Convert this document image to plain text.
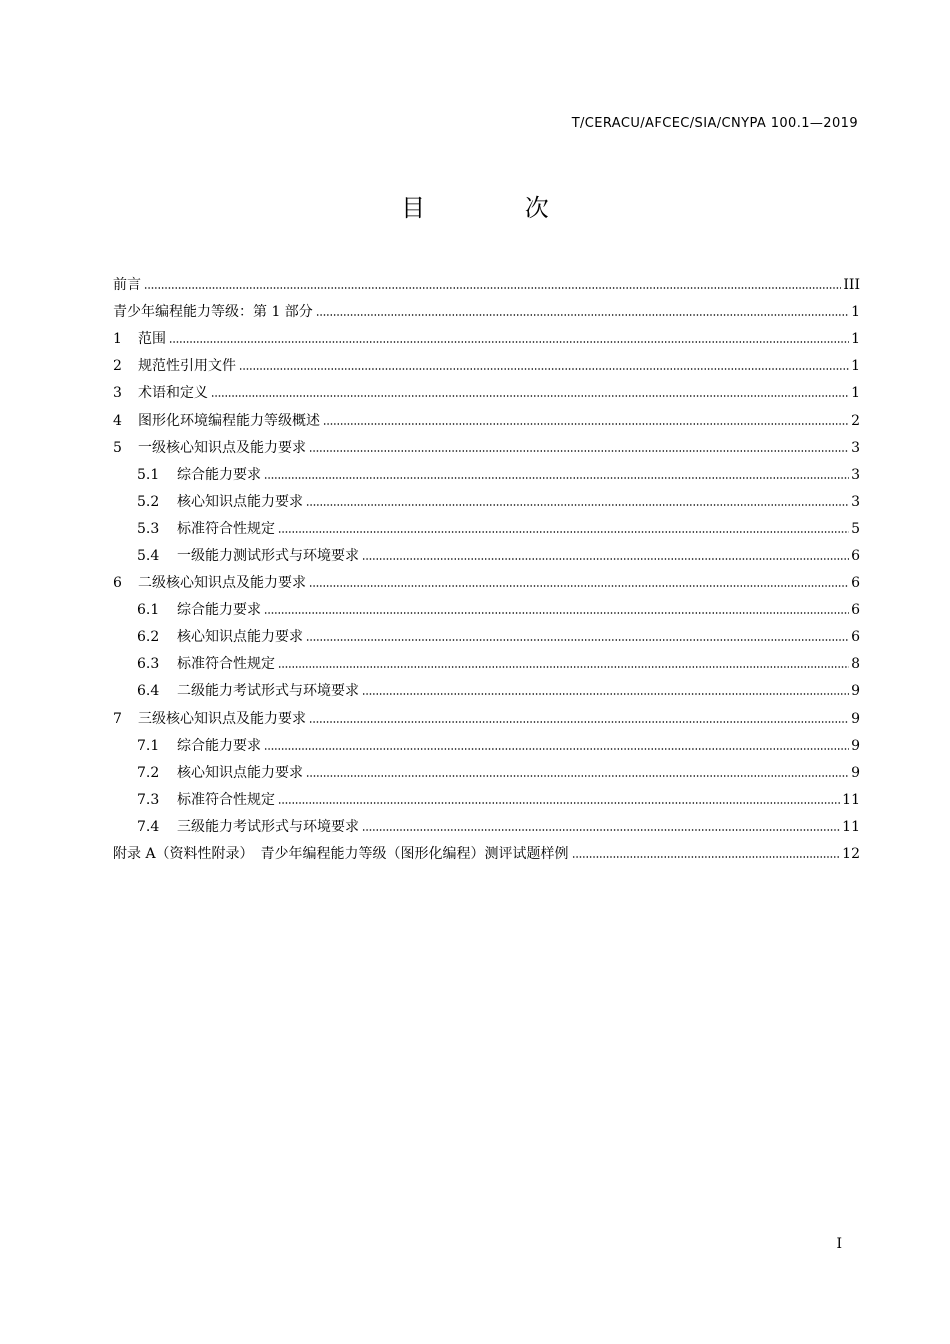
T/CERACU/AFCEC/SIA/CNYPA 100.1—2019
目 次
前言	III
青少年编程能力等级：第 1 部分	1
1	范围	1
2	规范性引用文件	1
3	术语和定义	1
4	图形化环境编程能力等级概述	2
5	一级核心知识点及能力要求	3
5.1	综合能力要求	3
5.2	核心知识点能力要求	3
5.3	标准符合性规定	5
5.4	一级能力测试形式与环境要求	6
6	二级核心知识点及能力要求	6
6.1	综合能力要求	6
6.2	核心知识点能力要求	6
6.3	标准符合性规定	8
6.4	二级能力考试形式与环境要求	9
7	三级核心知识点及能力要求	9
7.1	综合能力要求	9
7.2	核心知识点能力要求	9
7.3	标准符合性规定	11
7.4	三级能力考试形式与环境要求	11
附录 A（资料性附录）　青少年编程能力等级（图形化编程）测评试题样例	12
I
